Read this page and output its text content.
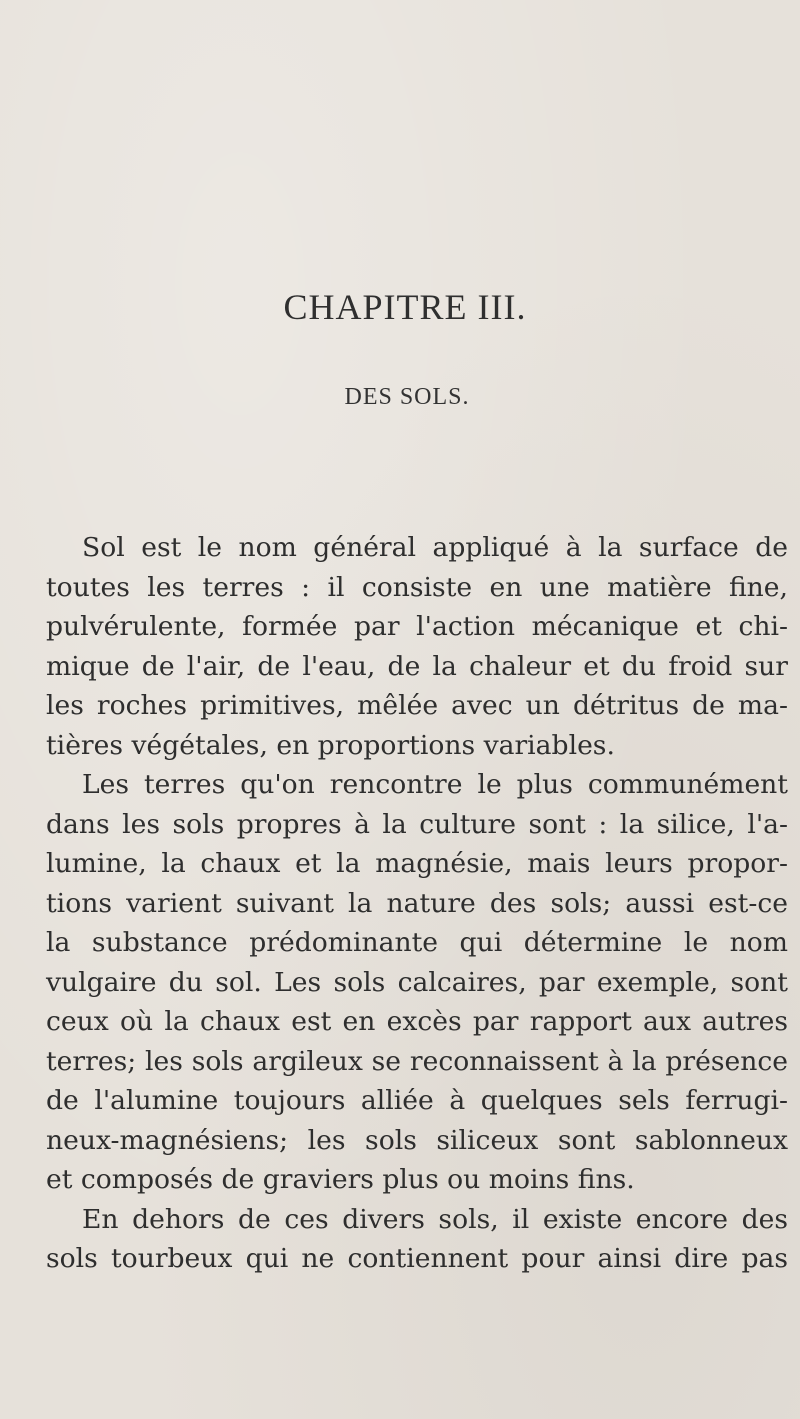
CHAPITRE III.
DES SOLS.
Sol est le nom général appliqué à la surface de
toutes les terres : il consiste en une matière fine,
pulvérulente, formée par l'action mécanique et chi-
mique de l'air, de l'eau, de la chaleur et du froid sur
les roches primitives, mêlée avec un détritus de ma-
tières végétales, en proportions variables.
Les terres qu'on rencontre le plus communément
dans les sols propres à la culture sont : la silice, l'a-
lumine, la chaux et la magnésie, mais leurs propor-
tions varient suivant la nature des sols; aussi est-ce
la substance prédominante qui détermine le nom
vulgaire du sol. Les sols calcaires, par exemple, sont
ceux où la chaux est en excès par rapport aux autres
terres; les sols argileux se reconnaissent à la présence
de l'alumine toujours alliée à quelques sels ferrugi-
neux-magnésiens; les sols siliceux sont sablonneux
et composés de graviers plus ou moins fins.
En dehors de ces divers sols, il existe encore des
sols tourbeux qui ne contiennent pour ainsi dire pas
